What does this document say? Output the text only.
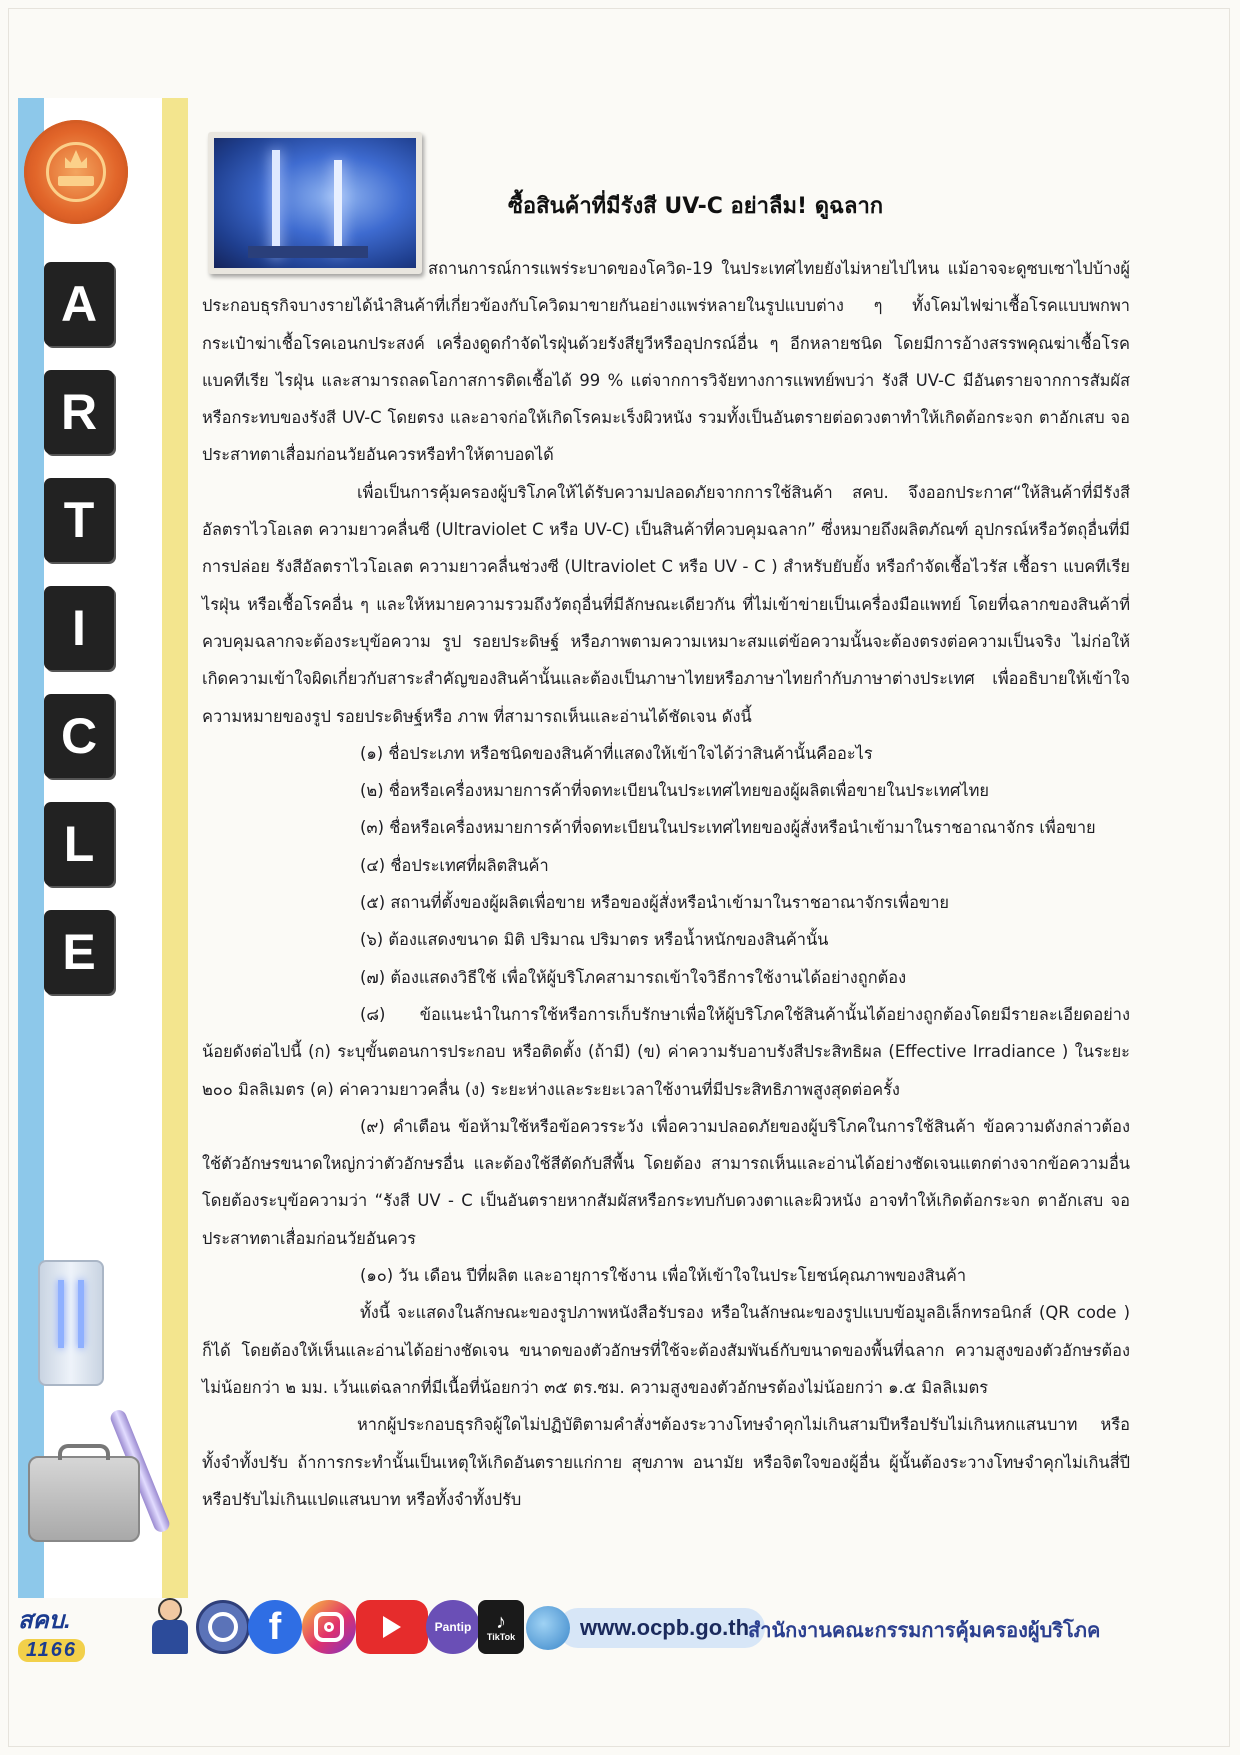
A
R
T
I
C
L
E
ซื้อสินค้าที่มีรังสี UV-C อย่าลืม! ดูฉลาก

สถานการณ์การแพร่ระบาดของโควิด-19 ในประเทศไทยยังไม่หายไปไหน แม้อาจจะดูซบเซาไปบ้างผู้ประกอบธุรกิจบางรายได้นำสินค้าที่เกี่ยวข้องกับโควิดมาขายกันอย่างแพร่หลายในรูปแบบต่าง ๆ ทั้งโคมไฟฆ่าเชื้อโรคแบบพกพา กระเป๋าฆ่าเชื้อโรคเอนกประสงค์ เครื่องดูดกำจัดไรฝุ่นด้วยรังสียูวีหรืออุปกรณ์อื่น ๆ อีกหลายชนิด โดยมีการอ้างสรรพคุณฆ่าเชื้อโรค แบคทีเรีย ไรฝุ่น และสามารถลดโอกาสการติดเชื้อได้ 99 % แต่จากการวิจัยทางการแพทย์พบว่า รังสี UV-C มีอันตรายจากการสัมผัสหรือกระทบของรังสี UV-C โดยตรง และอาจก่อให้เกิดโรคมะเร็งผิวหนัง รวมทั้งเป็นอันตรายต่อดวงตาทำให้เกิดต้อกระจก ตาอักเสบ จอประสาทตาเสื่อมก่อนวัยอันควรหรือทำให้ตาบอดได้

เพื่อเป็นการคุ้มครองผู้บริโภคให้ได้รับความปลอดภัยจากการใช้สินค้า สคบ. จึงออกประกาศ“ให้สินค้าที่มีรังสีอัลตราไวโอเลต ความยาวคลื่นซี (Ultraviolet C หรือ UV-C) เป็นสินค้าที่ควบคุมฉลาก” ซึ่งหมายถึงผลิตภัณฑ์ อุปกรณ์หรือวัตถุอื่นที่มีการปล่อย รังสีอัลตราไวโอเลต ความยาวคลื่นช่วงซี (Ultraviolet C หรือ UV - C ) สำหรับยับยั้ง หรือกำจัดเชื้อไวรัส เชื้อรา แบคทีเรีย ไรฝุ่น หรือเชื้อโรคอื่น ๆ และให้หมายความรวมถึงวัตถุอื่นที่มีลักษณะเดียวกัน ที่ไม่เข้าข่ายเป็นเครื่องมือแพทย์ โดยที่ฉลากของสินค้าที่ควบคุมฉลากจะต้องระบุข้อความ รูป รอยประดิษฐ์ หรือภาพตามความเหมาะสมแต่ข้อความนั้นจะต้องตรงต่อความเป็นจริง ไม่ก่อให้เกิดความเข้าใจผิดเกี่ยวกับสาระสำคัญของสินค้านั้นและต้องเป็นภาษาไทยหรือภาษาไทยกำกับภาษาต่างประเทศ เพื่ออธิบายให้เข้าใจความหมายของรูป รอยประดิษฐ์หรือ ภาพ ที่สามารถเห็นและอ่านได้ชัดเจน ดังนี้

(๑) ชื่อประเภท หรือชนิดของสินค้าที่แสดงให้เข้าใจได้ว่าสินค้านั้นคืออะไร

(๒) ชื่อหรือเครื่องหมายการค้าที่จดทะเบียนในประเทศไทยของผู้ผลิตเพื่อขายในประเทศไทย

(๓) ชื่อหรือเครื่องหมายการค้าที่จดทะเบียนในประเทศไทยของผู้สั่งหรือนำเข้ามาในราชอาณาจักร เพื่อขาย

(๔) ชื่อประเทศที่ผลิตสินค้า

(๕) สถานที่ตั้งของผู้ผลิตเพื่อขาย หรือของผู้สั่งหรือนำเข้ามาในราชอาณาจักรเพื่อขาย

(๖) ต้องแสดงขนาด มิติ ปริมาณ ปริมาตร หรือน้ำหนักของสินค้านั้น

(๗) ต้องแสดงวิธีใช้ เพื่อให้ผู้บริโภคสามารถเข้าใจวิธีการใช้งานได้อย่างถูกต้อง

(๘) ข้อแนะนำในการใช้หรือการเก็บรักษาเพื่อให้ผู้บริโภคใช้สินค้านั้นได้อย่างถูกต้องโดยมีรายละเอียดอย่างน้อยดังต่อไปนี้ (ก) ระบุขั้นตอนการประกอบ หรือติดตั้ง (ถ้ามี) (ข) ค่าความรับอาบรังสีประสิทธิผล (Effective Irradiance ) ในระยะ ๒๐๐ มิลลิเมตร (ค) ค่าความยาวคลื่น (ง) ระยะห่างและระยะเวลาใช้งานที่มีประสิทธิภาพสูงสุดต่อครั้ง

(๙) คำเตือน ข้อห้ามใช้หรือข้อควรระวัง เพื่อความปลอดภัยของผู้บริโภคในการใช้สินค้า ข้อความดังกล่าวต้องใช้ตัวอักษรขนาดใหญ่กว่าตัวอักษรอื่น และต้องใช้สีตัดกับสีพื้น โดยต้อง สามารถเห็นและอ่านได้อย่างชัดเจนแตกต่างจากข้อความอื่น โดยต้องระบุข้อความว่า “รังสี UV - C เป็นอันตรายหากสัมผัสหรือกระทบกับดวงตาและผิวหนัง อาจทำให้เกิดต้อกระจก ตาอักเสบ จอประสาทตาเสื่อมก่อนวัยอันควร

(๑๐) วัน เดือน ปีที่ผลิต และอายุการใช้งาน เพื่อให้เข้าใจในประโยชน์คุณภาพของสินค้า

ทั้งนี้ จะแสดงในลักษณะของรูปภาพหนังสือรับรอง หรือในลักษณะของรูปแบบข้อมูลอิเล็กทรอนิกส์ (QR code ) ก็ได้ โดยต้องให้เห็นและอ่านได้อย่างชัดเจน ขนาดของตัวอักษรที่ใช้จะต้องสัมพันธ์กับขนาดของพื้นที่ฉลาก ความสูงของตัวอักษรต้องไม่น้อยกว่า ๒ มม. เว้นแต่ฉลากที่มีเนื้อที่น้อยกว่า ๓๕ ตร.ซม. ความสูงของตัวอักษรต้องไม่น้อยกว่า ๑.๕ มิลลิเมตร

หากผู้ประกอบธุรกิจผู้ใดไม่ปฏิบัติตามคำสั่งฯต้องระวางโทษจำคุกไม่เกินสามปีหรือปรับไม่เกินหกแสนบาท หรือทั้งจำทั้งปรับ ถ้าการกระทำนั้นเป็นเหตุให้เกิดอันตรายแก่กาย สุขภาพ อนามัย หรือจิตใจของผู้อื่น ผู้นั้นต้องระวางโทษจำคุกไม่เกินสี่ปี หรือปรับไม่เกินแปดแสนบาท หรือทั้งจำทั้งปรับ

สคบ.
1166
f	Pantip	♪
TikTok	www.ocpb.go.th
สำนักงานคณะกรรมการคุ้มครองผู้บริโภค
